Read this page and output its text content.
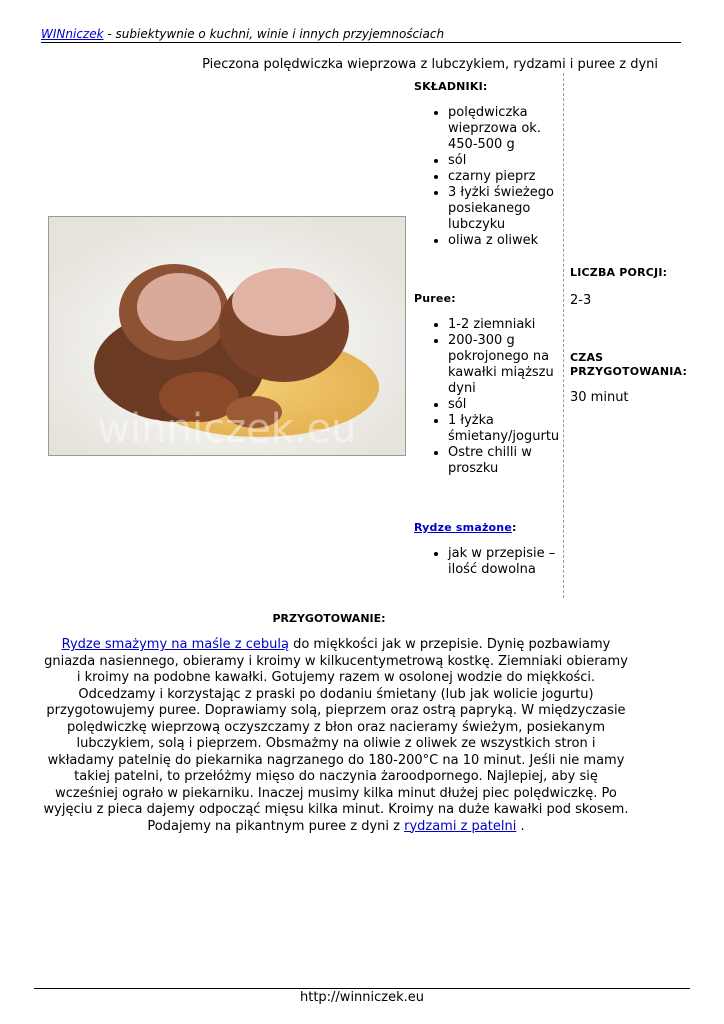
WINniczek - subiektywnie o kuchni, winie i innych przyjemnościach
Pieczona polędwiczka wieprzowa z lubczykiem, rydzami i puree z dyni
winniczek.eu
SKŁADNIKI:
• polędwiczka wieprzowa ok. 450-500 g
• sól
• czarny pieprz
• 3 łyżki świeżego posiekanego lubczyku
• oliwa z oliwek
Puree:
• 1-2 ziemniaki
• 200-300 g pokrojonego na kawałki miąższu dyni
• sól
• 1 łyżka śmietany/jogurtu
• Ostre chilli w proszku
Rydze smażone:
• jak w przepisie – ilość dowolna
LICZBA PORCJI:
2-3
CZAS PRZYGOTOWANIA:
30 minut
PRZYGOTOWANIE:
Rydze smażymy na maśle z cebulą do miękkości jak w przepisie. Dynię pozbawiamy gniazda nasiennego, obieramy i kroimy w kilkucentymetrową kostkę. Ziemniaki obieramy i kroimy na podobne kawałki. Gotujemy razem w osolonej wodzie do miękkości. Odcedzamy i korzystając z praski po dodaniu śmietany (lub jak wolicie jogurtu) przygotowujemy puree. Doprawiamy solą, pieprzem oraz ostrą papryką. W międzyczasie polędwiczkę wieprzową oczyszczamy z błon oraz nacieramy świeżym, posiekanym lubczykiem, solą i pieprzem. Obsmażmy na oliwie z oliwek ze wszystkich stron i wkładamy patelnię do piekarnika nagrzanego do 180-200°C na 10 minut. Jeśli nie mamy takiej patelni, to przełóżmy mięso do naczynia żaroodpornego. Najlepiej, aby się wcześniej ograło w piekarniku. Inaczej musimy kilka minut dłużej piec polędwiczkę. Po wyjęciu z pieca dajemy odpocząć mięsu kilka minut. Kroimy na duże kawałki pod skosem. Podajemy na pikantnym puree z dyni z rydzami z patelni .
http://winniczek.eu
